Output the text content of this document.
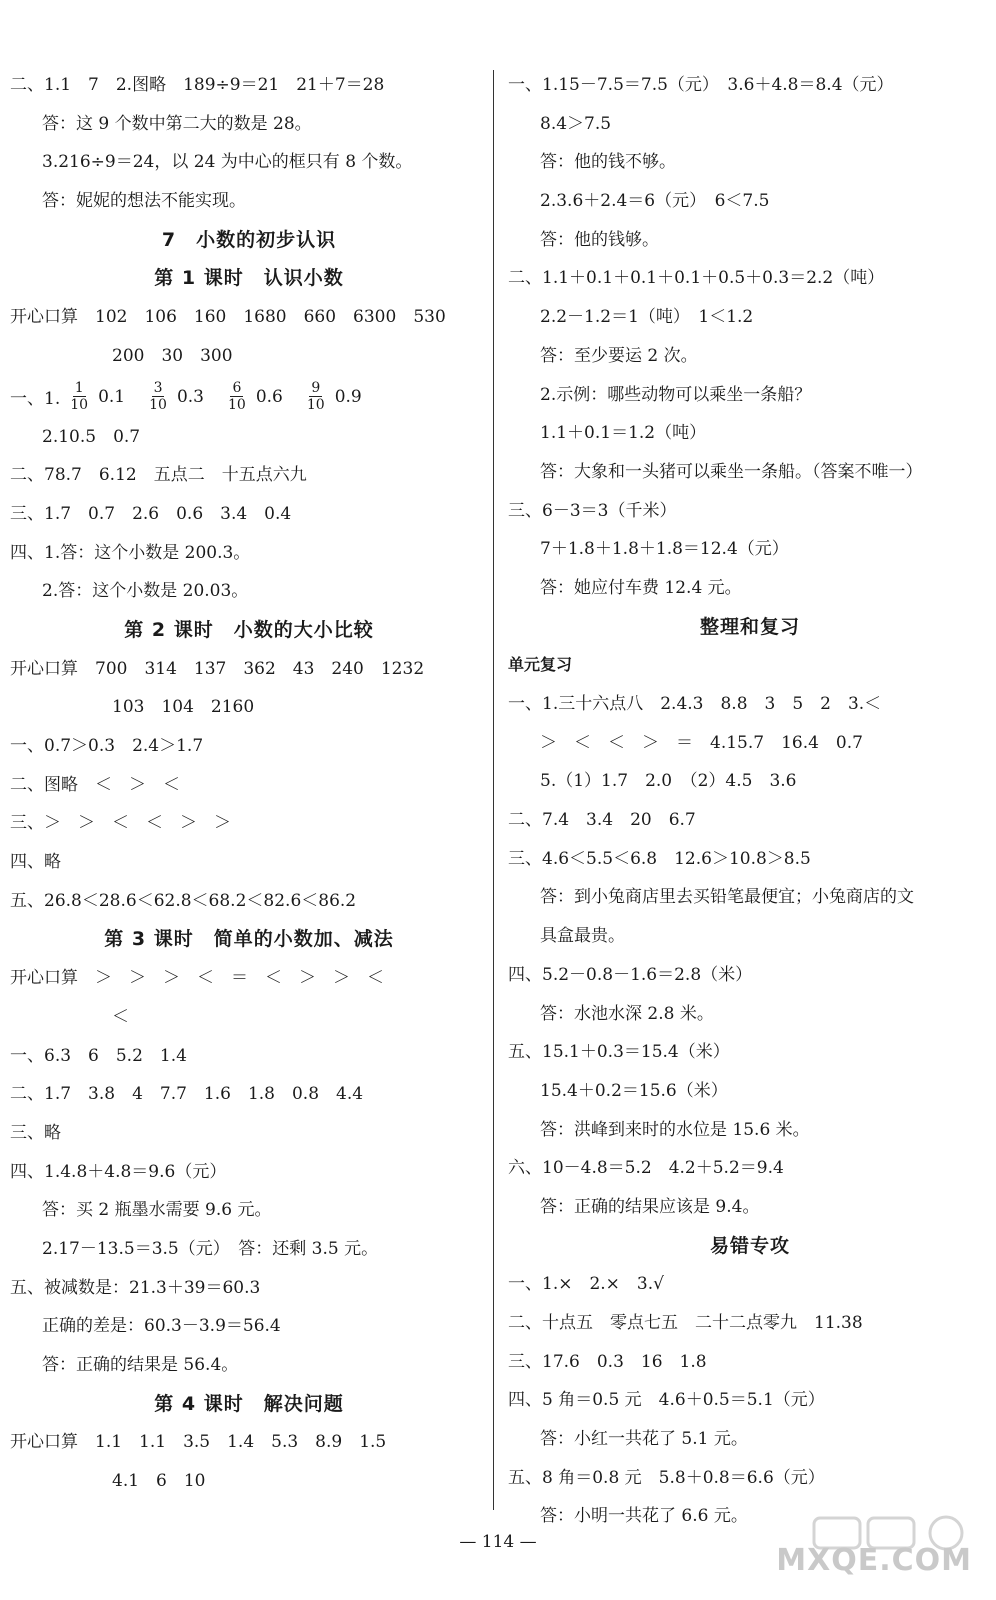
二、1.1　7　2.图略　189÷9＝21　21＋7＝28
答：这 9 个数中第二大的数是 28。
3.216÷9＝24，以 24 为中心的框只有 8 个数。
答：妮妮的想法不能实现。
7　小数的初步认识
第 1 课时　认识小数
开心口算　102　106　160　1680　660　6300　530
200　30　300
一、1. $\frac{1}{10} 0.1 \frac{3}{10} 0.3 \frac{6}{10} 0.6 \frac{9}{10} 0.9$
2.10.5　0.7
二、78.7　6.12　五点二　十五点六九
三、1.7　0.7　2.6　0.6　3.4　0.4
四、1.答：这个小数是 200.3。
2.答：这个小数是 20.03。
第 2 课时　小数的大小比较
开心口算　700　314　137　362　43　240　1232
103　104　2160
一、0.7＞0.3　2.4＞1.7
二、图略　＜　＞　＜
三、＞　＞　＜　＜　＞　＞
四、略
五、26.8＜28.6＜62.8＜68.2＜82.6＜86.2
第 3 课时　简单的小数加、减法
开心口算　＞　＞　＞　＜　＝　＜　＞　＞　＜
＜
一、6.3　6　5.2　1.4
二、1.7　3.8　4　7.7　1.6　1.8　0.8　4.4
三、略
四、1.4.8＋4.8＝9.6（元）
答：买 2 瓶墨水需要 9.6 元。
2.17－13.5＝3.5（元）　答：还剩 3.5 元。
五、被减数是：21.3＋39＝60.3
正确的差是：60.3－3.9＝56.4
答：正确的结果是 56.4。
第 4 课时　解决问题
开心口算　1.1　1.1　3.5　1.4　5.3　8.9　1.5
4.1　6　10
一、1.15－7.5＝7.5（元）　3.6＋4.8＝8.4（元）
8.4＞7.5
答：他的钱不够。
2.3.6＋2.4＝6（元）　6＜7.5
答：他的钱够。
二、1.1＋0.1＋0.1＋0.1＋0.5＋0.3＝2.2（吨）
2.2－1.2＝1（吨）　1＜1.2
答：至少要运 2 次。
2.示例：哪些动物可以乘坐一条船？
1.1＋0.1＝1.2（吨）
答：大象和一头猪可以乘坐一条船。（答案不唯一）
三、6－3＝3（千米）
7＋1.8＋1.8＋1.8＝12.4（元）
答：她应付车费 12.4 元。
整理和复习
单元复习
一、1.三十六点八　2.4.3　8.8　3　5　2　3.＜
＞　＜　＜　＞　＝　4.15.7　16.4　0.7
5.（1）1.7　2.0　（2）4.5　3.6
二、7.4　3.4　20　6.7
三、4.6＜5.5＜6.8　12.6＞10.8＞8.5
答：到小兔商店里去买铅笔最便宜；小兔商店的文
具盒最贵。
四、5.2－0.8－1.6＝2.8（米）
答：水池水深 2.8 米。
五、15.1＋0.3＝15.4（米）
15.4＋0.2＝15.6（米）
答：洪峰到来时的水位是 15.6 米。
六、10－4.8＝5.2　4.2＋5.2＝9.4
答：正确的结果应该是 9.4。
易错专攻
一、1.×　2.×　3.√
二、十点五　零点七五　二十二点零九　11.38
三、17.6　0.3　16　1.8
四、5 角＝0.5 元　4.6＋0.5＝5.1（元）
答：小红一共花了 5.1 元。
五、8 角＝0.8 元　5.8＋0.8＝6.6（元）
答：小明一共花了 6.6 元。
— 114 —
MXQE.COM
